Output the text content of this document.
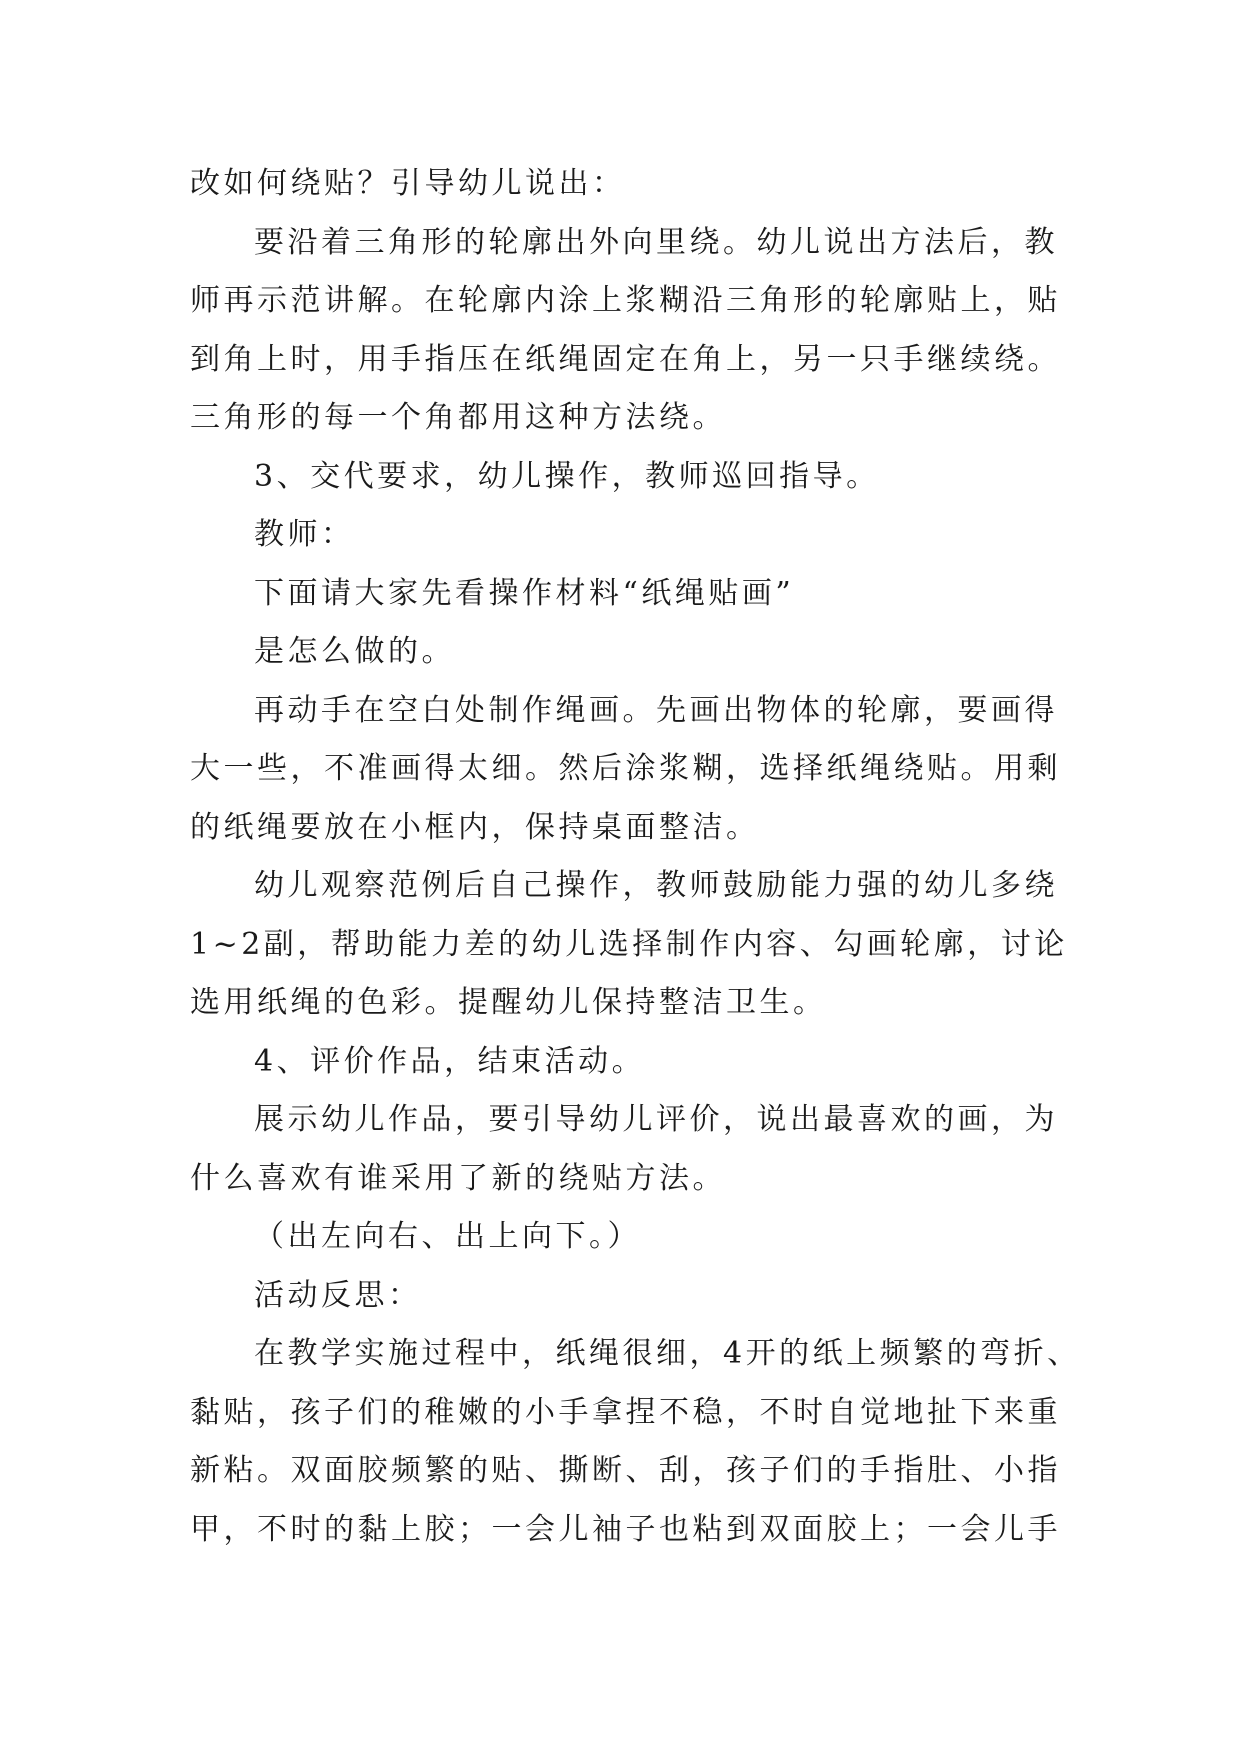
改如何绕贴？引导幼儿说出：

要沿着三角形的轮廓出外向里绕。幼儿说出方法后，教

师再示范讲解。在轮廓内涂上浆糊沿三角形的轮廓贴上，贴

到角上时，用手指压在纸绳固定在角上，另一只手继续绕。

三角形的每一个角都用这种方法绕。

3、交代要求，幼儿操作，教师巡回指导。

教师：

下面请大家先看操作材料“纸绳贴画”

是怎么做的。

再动手在空白处制作绳画。先画出物体的轮廓，要画得

大一些，不准画得太细。然后涂浆糊，选择纸绳绕贴。用剩

的纸绳要放在小框内，保持桌面整洁。

幼儿观察范例后自己操作，教师鼓励能力强的幼儿多绕

1~2副，帮助能力差的幼儿选择制作内容、勾画轮廓，讨论

选用纸绳的色彩。提醒幼儿保持整洁卫生。

4、评价作品，结束活动。

展示幼儿作品，要引导幼儿评价，说出最喜欢的画，为

什么喜欢有谁采用了新的绕贴方法。

（出左向右、出上向下。）

活动反思：

在教学实施过程中，纸绳很细，4开的纸上频繁的弯折、

黏贴，孩子们的稚嫩的小手拿捏不稳，不时自觉地扯下来重

新粘。双面胶频繁的贴、撕断、刮，孩子们的手指肚、小指

甲，不时的黏上胶；一会儿袖子也粘到双面胶上；一会儿手
